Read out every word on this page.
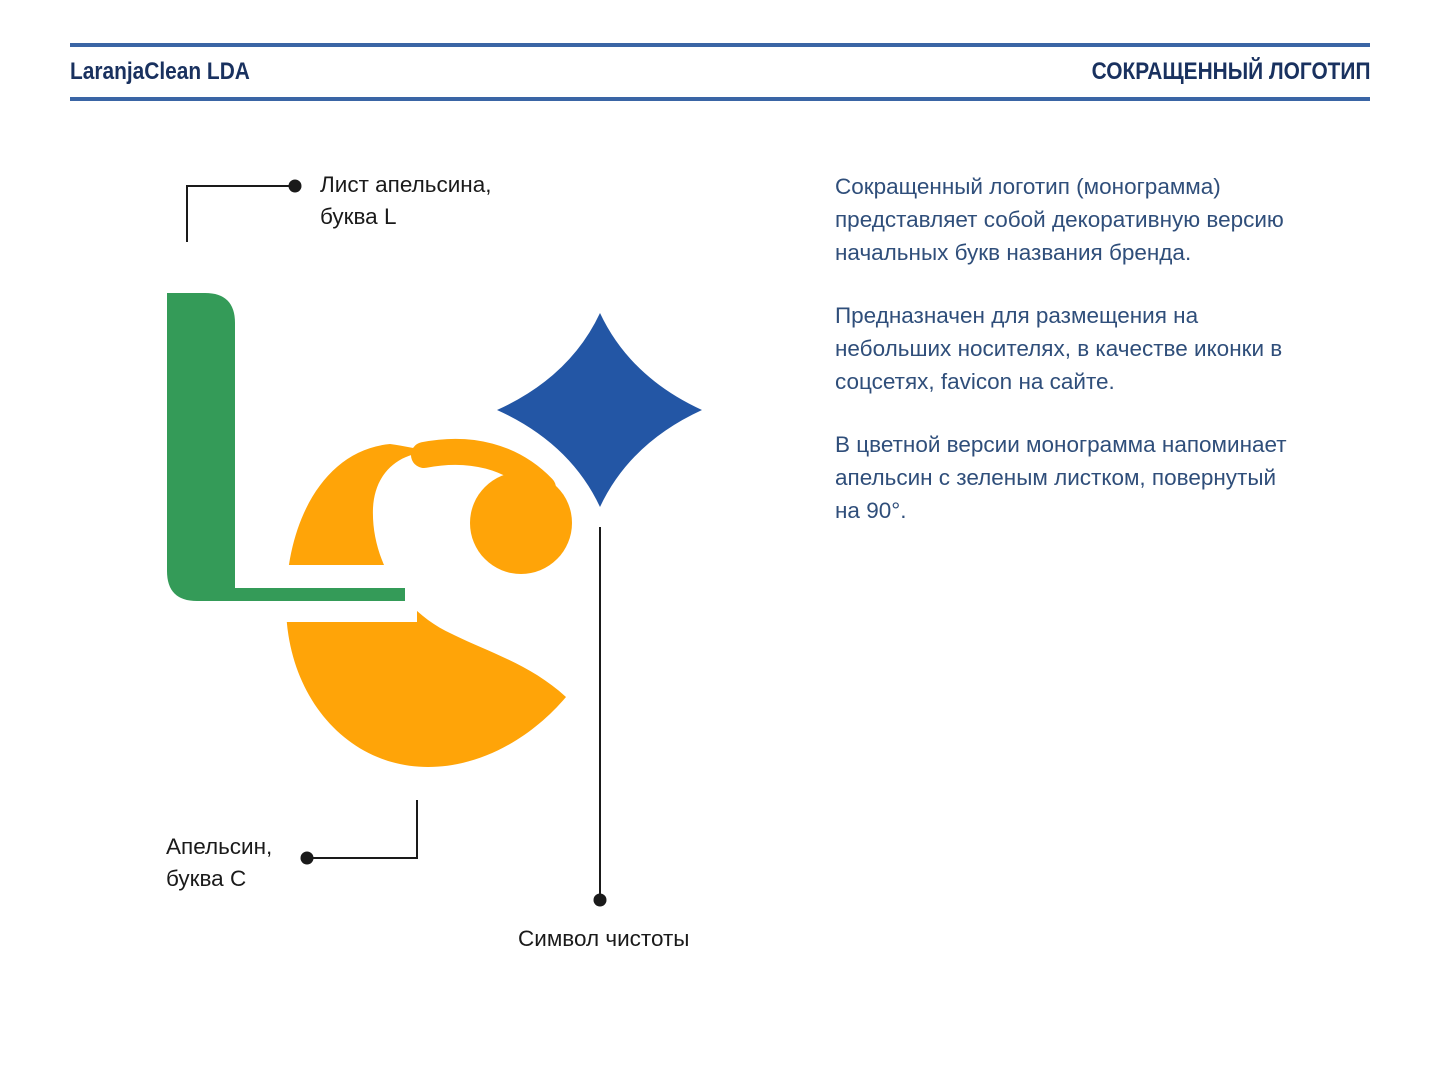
LaranjaClean LDA	СОКРАЩЕННЫЙ ЛОГОТИП
Лист апельсина,
буква L
Апельсин,
буква C
Символ чистоты
Сокращенный логотип (монограмма)
представляет собой декоративную версию
начальных букв названия бренда.
Предназначен для размещения на
небольших носителях, в качестве иконки в
соцсетях, favicon на сайте.
В цветной версии монограмма напоминает
апельсин с зеленым листком, повернутый
на 90°.
